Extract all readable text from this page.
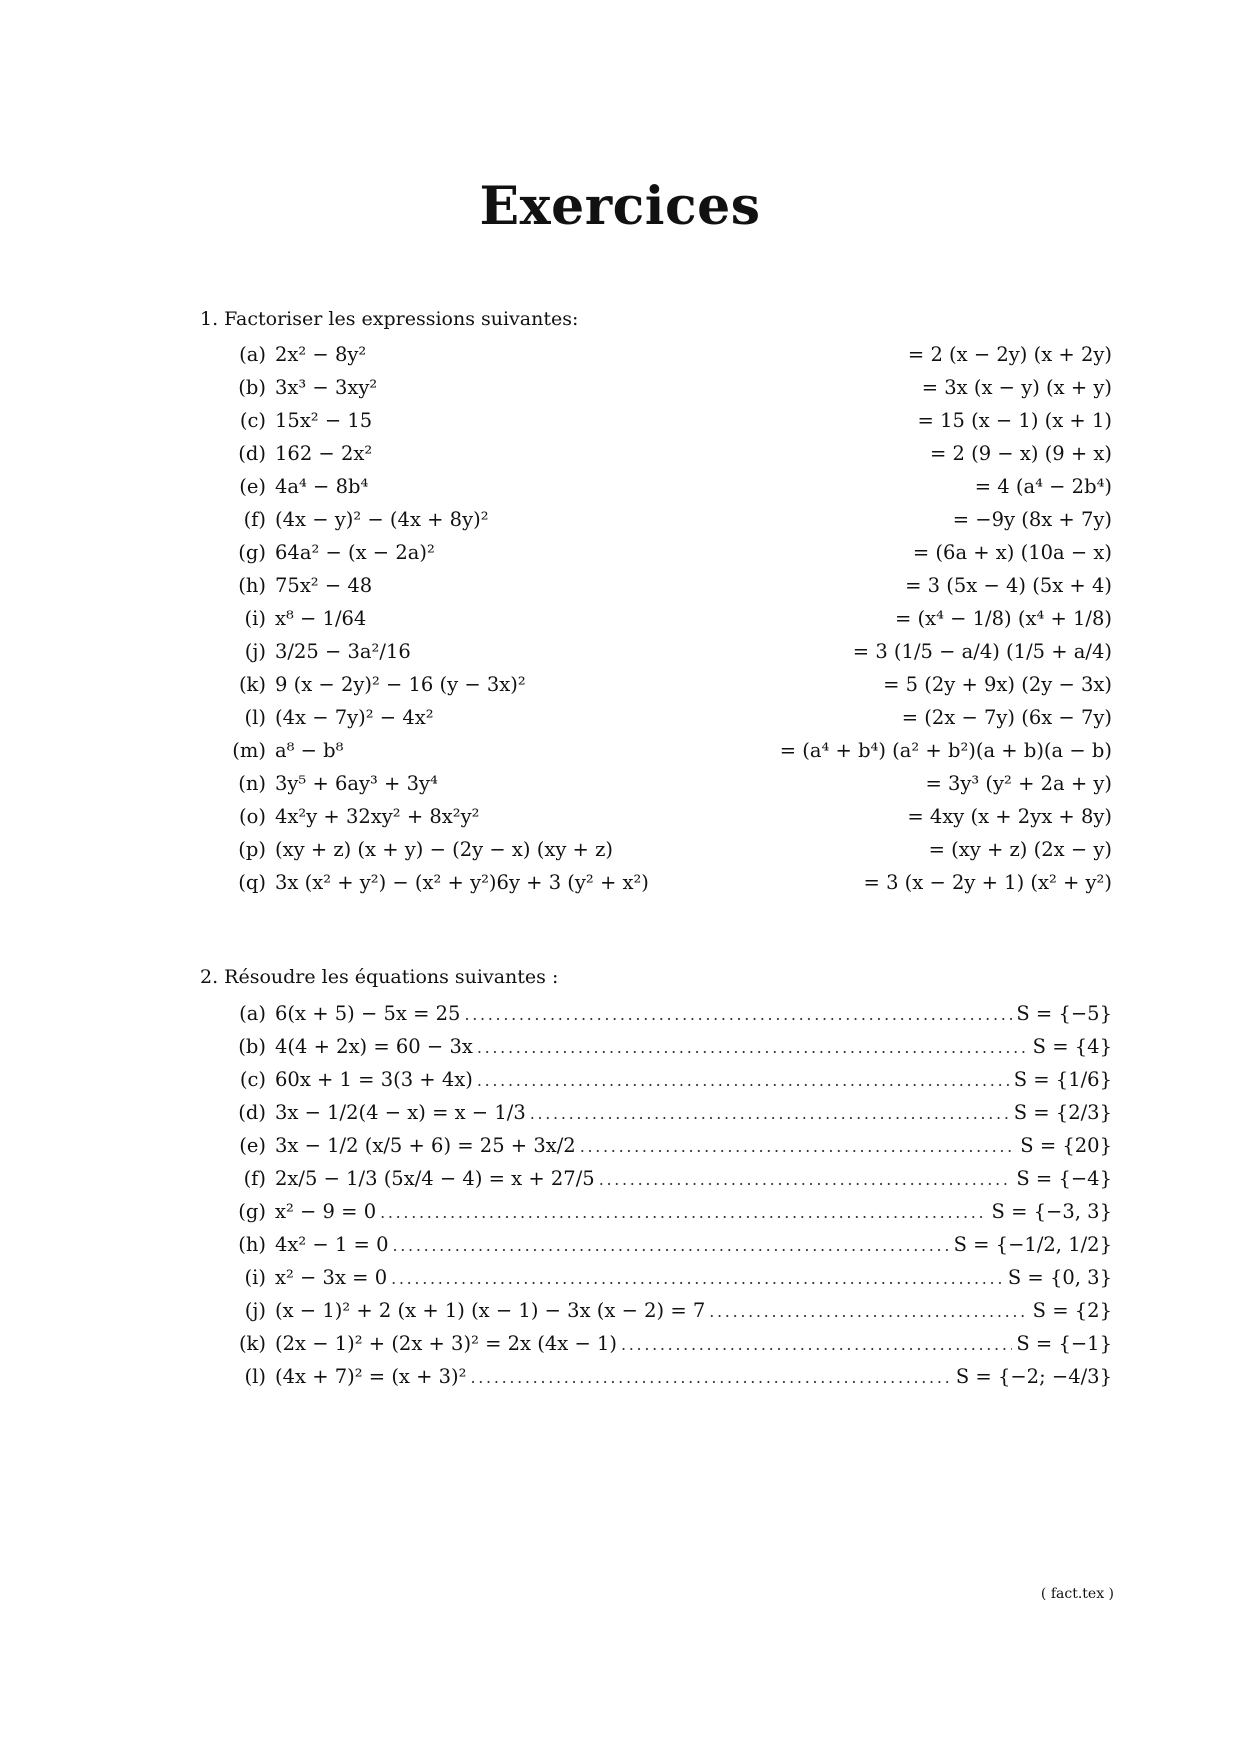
Exercices
1. Factoriser les expressions suivantes:
(a) 2x² − 8y²	= 2 (x − 2y) (x + 2y)
(b) 3x³ − 3xy²	= 3x (x − y) (x + y)
(c) 15x² − 15	= 15 (x − 1) (x + 1)
(d) 162 − 2x²	= 2 (9 − x) (9 + x)
(e) 4a⁴ − 8b⁴	= 4 (a⁴ − 2b⁴)
(f) (4x − y)² − (4x + 8y)²	= −9y (8x + 7y)
(g) 64a² − (x − 2a)²	= (6a + x) (10a − x)
(h) 75x² − 48	= 3 (5x − 4) (5x + 4)
(i) x⁸ − 1/64	= (x⁴ − 1/8) (x⁴ + 1/8)
(j) 3/25 − 3a²/16	= 3 (1/5 − a/4) (1/5 + a/4)
(k) 9 (x − 2y)² − 16 (y − 3x)²	= 5 (2y + 9x) (2y − 3x)
(l) (4x − 7y)² − 4x²	= (2x − 7y) (6x − 7y)
(m) a⁸ − b⁸	= (a⁴ + b⁴) (a² + b²)(a + b)(a − b)
(n) 3y⁵ + 6ay³ + 3y⁴	= 3y³ (y² + 2a + y)
(o) 4x²y + 32xy² + 8x²y²	= 4xy (x + 2yx + 8y)
(p) (xy + z) (x + y) − (2y − x) (xy + z)	= (xy + z) (2x − y)
(q) 3x (x² + y²) − (x² + y²)6y + 3 (y² + x²)	= 3 (x − 2y + 1) (x² + y²)
2. Résoudre les équations suivantes :
(a) 6(x + 5) − 5x = 25 . . .	S = {−5}
(b) 4(4 + 2x) = 60 − 3x . . .	S = {4}
(c) 60x + 1 = 3(3 + 4x) . . .	S = {1/6}
(d) 3x − 1/2(4 − x) = x − 1/3 . . .	S = {2/3}
(e) 3x − 1/2 (x/5 + 6) = 25 + 3x/2 . . .	S = {20}
(f) 2x/5 − 1/3 (5x/4 − 4) = x + 27/5 . . .	S = {−4}
(g) x² − 9 = 0 . . .	S = {−3, 3}
(h) 4x² − 1 = 0 . . .	S = {−1/2, 1/2}
(i) x² − 3x = 0 . . .	S = {0, 3}
(j) (x − 1)² + 2 (x + 1) (x − 1) − 3x (x − 2) = 7 . . .	S = {2}
(k) (2x − 1)² + (2x + 3)² = 2x (4x − 1) . . .	S = {−1}
(l) (4x + 7)² = (x + 3)² . . .	S = {−2; −4/3}
( fact.tex )
